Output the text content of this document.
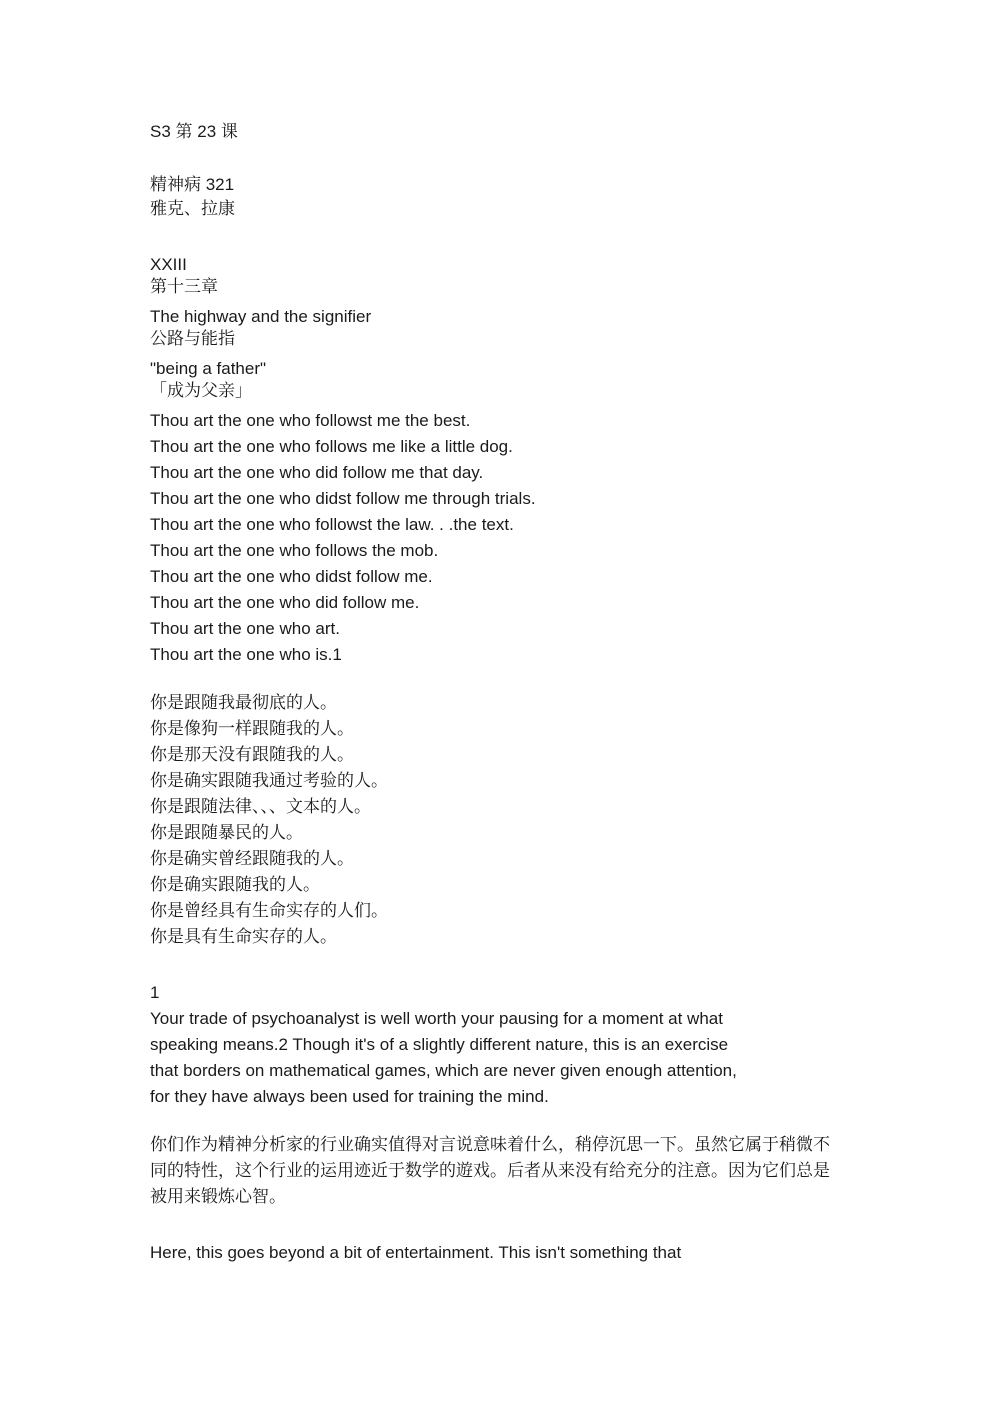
S3 第 23 课

精神病 321

雅克、拉康

XXIII

第十三章

The highway and the signifier

公路与能指

"being a father"

「成为父亲」

Thou art the one who followst me the best.

Thou art the one who follows me like a little dog.

Thou art the one who did follow me that day.

Thou art the one who didst follow me through trials.

Thou art the one who followst the law. . .the text.

Thou art the one who follows the mob.

Thou art the one who didst follow me.

Thou art the one who did follow me.

Thou art the one who art.

Thou art the one who is.1

你是跟随我最彻底的人。

你是像狗一样跟随我的人。

你是那天没有跟随我的人。

你是确实跟随我通过考验的人。

你是跟随法律、、、文本的人。

你是跟随暴民的人。

你是确实曾经跟随我的人。

你是确实跟随我的人。

你是曾经具有生命实存的人们。

你是具有生命实存的人。

1

Your trade of psychoanalyst is well worth your pausing for a moment at what

speaking means.2 Though it's of a slightly different nature, this is an exercise

that borders on mathematical games, which are never given enough attention,

for they have always been used for training the mind.

你们作为精神分析家的行业确实值得对言说意味着什么，稍停沉思一下。虽然它属于稍微不

同的特性，这个行业的运用迹近于数学的遊戏。后者从来没有给充分的注意。因为它们总是

被用来锻炼心智。

Here, this goes beyond a bit of entertainment. This isn't something that
